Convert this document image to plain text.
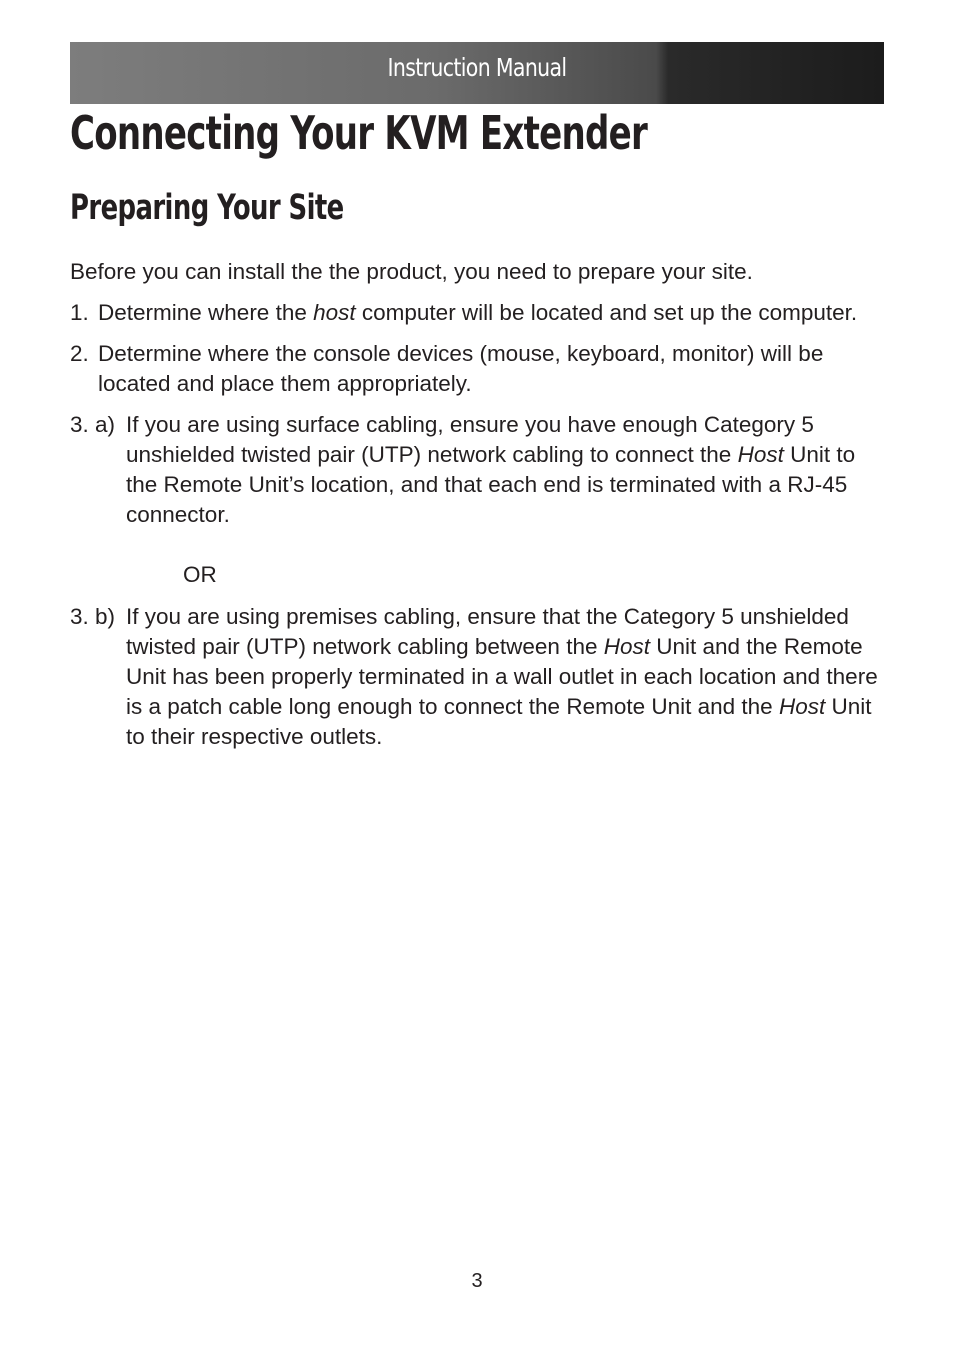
Instruction Manual
Connecting Your KVM Extender
Preparing Your Site

Before you can install the the product, you need to prepare your site.

1. Determine where the host computer will be located and set up the computer.
2. Determine where the console devices (mouse, keyboard, monitor) will be located and place them appropriately.
3. a) If you are using surface cabling, ensure you have enough Category 5 unshielded twisted pair (UTP) network cabling to connect the Host Unit to the Remote Unit’s location, and that each end is terminated with a RJ-45 connector.
OR
3. b) If you are using premises cabling, ensure that the Category 5 unshielded twisted pair (UTP) network cabling between the Host Unit and the Remote Unit has been properly terminated in a wall outlet in each location and there is a patch cable long enough to connect the Remote Unit and the Host Unit to their respective outlets.
3
